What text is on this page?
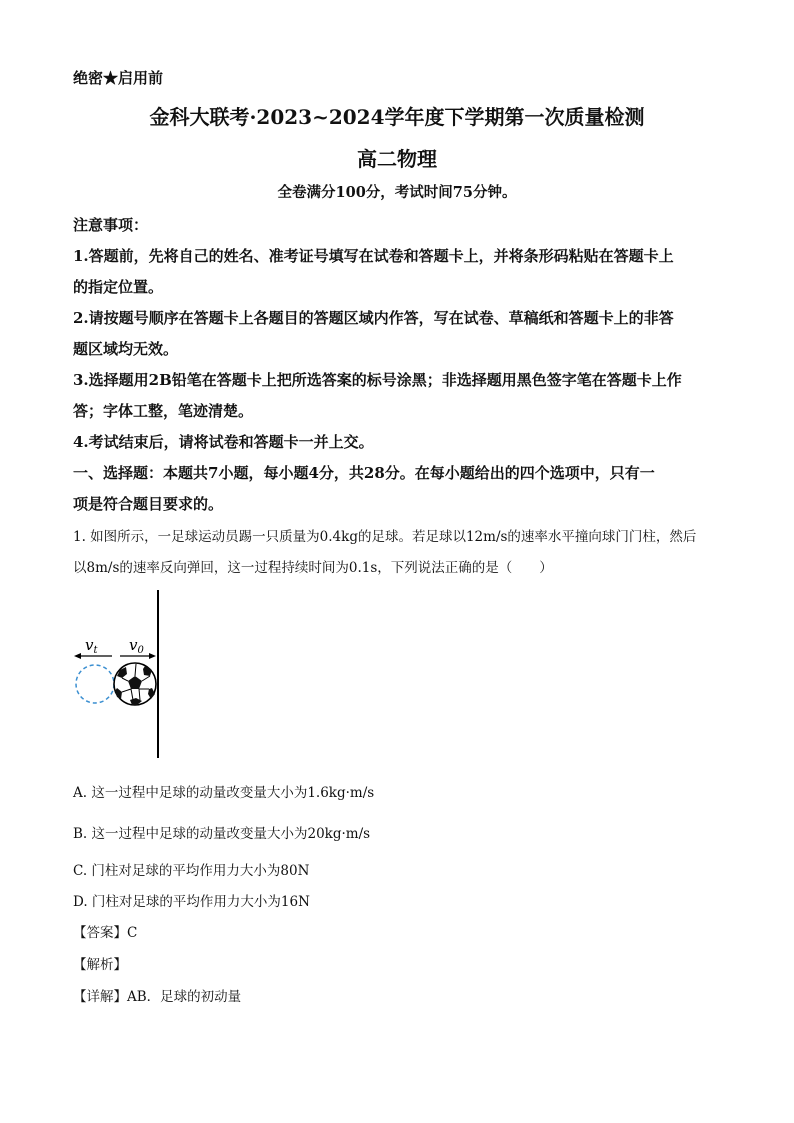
绝密★启用前
金科大联考·2023~2024学年度下学期第一次质量检测
高二物理
全卷满分100分，考试时间75分钟。
注意事项：
1.答题前，先将自己的姓名、准考证号填写在试卷和答题卡上，并将条形码粘贴在答题卡上
的指定位置。
2.请按题号顺序在答题卡上各题目的答题区域内作答，写在试卷、草稿纸和答题卡上的非答
题区域均无效。
3.选择题用2B铅笔在答题卡上把所选答案的标号涂黑；非选择题用黑色签字笔在答题卡上作
答；字体工整，笔迹清楚。
4.考试结束后，请将试卷和答题卡一并上交。
一、选择题：本题共7小题，每小题4分，共28分。在每小题给出的四个选项中，只有一
项是符合题目要求的。
1. 如图所示，一足球运动员踢一只质量为0.4kg的足球。若足球以12m/s的速率水平撞向球门门柱，然后
以8m/s的速率反向弹回，这一过程持续时间为0.1s，下列说法正确的是（　　）
$v_t$ $v_0$
A. 这一过程中足球的动量改变量大小为1.6kg·m/s
B. 这一过程中足球的动量改变量大小为20kg·m/s
C. 门柱对足球的平均作用力大小为80N
D. 门柱对足球的平均作用力大小为16N
【答案】C
【解析】
【详解】AB．足球的初动量
